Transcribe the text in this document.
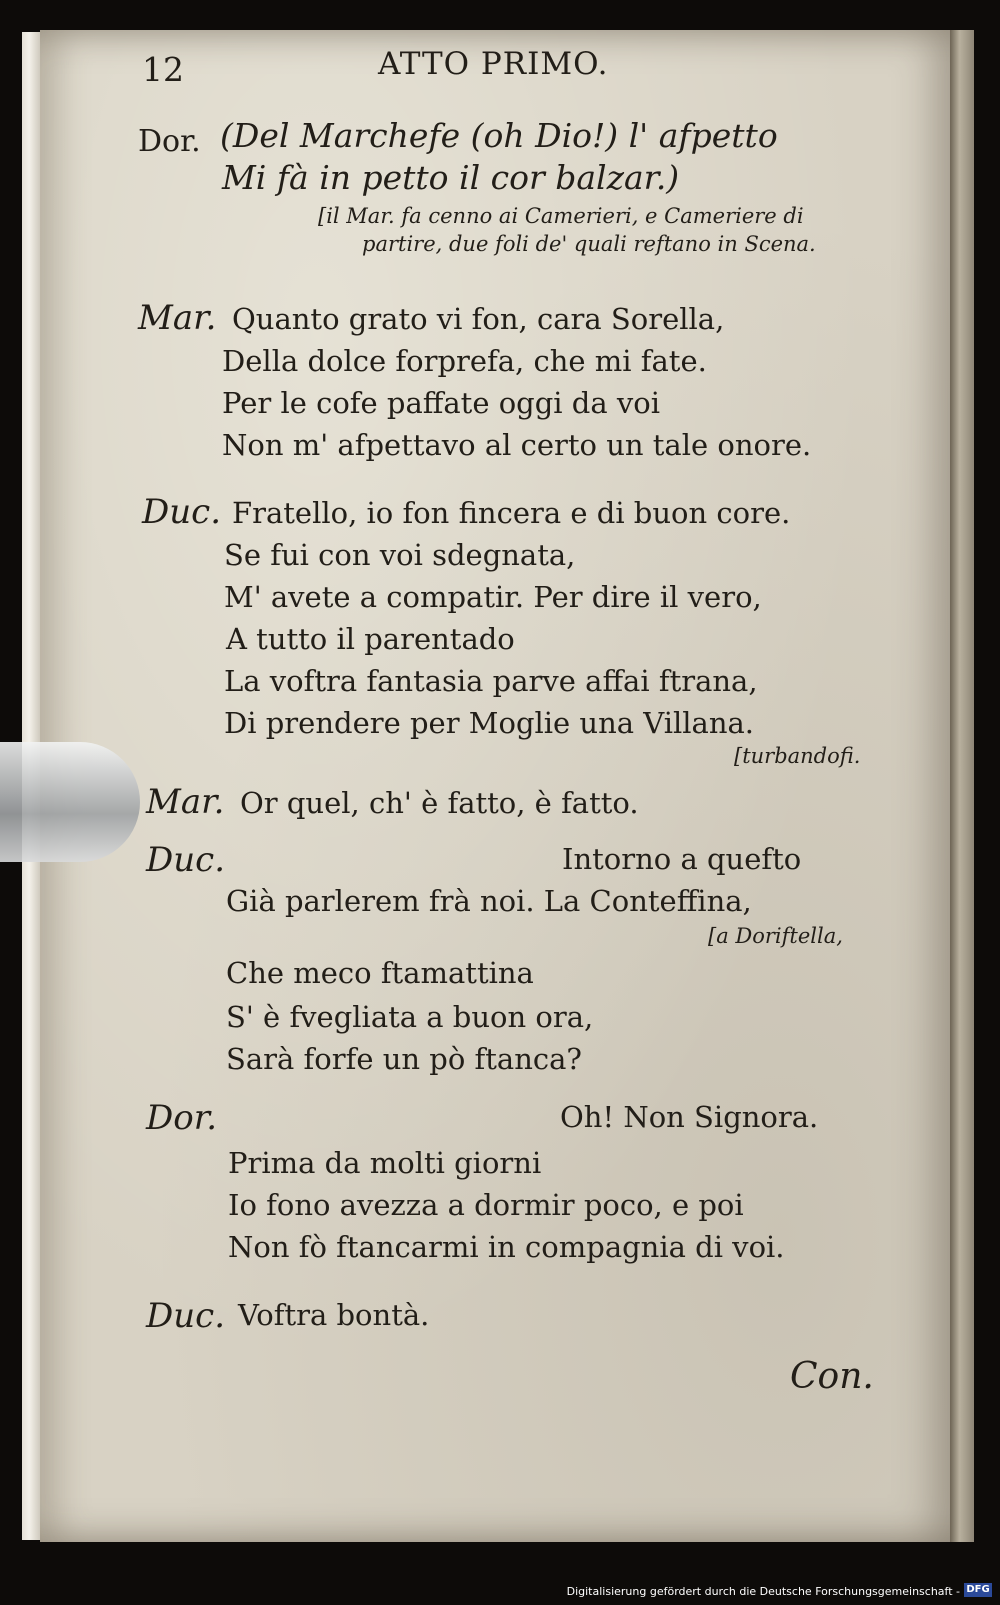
12	ATTO PRIMO.
Dor. (Del Marchefe (oh Dio!) l' afpetto
Mi fà in petto il cor balzar.)
[il Mar. fa cenno ai Camerieri, e Cameriere di
partire, due foli de' quali reftano in Scena.
Mar. Quanto grato vi fon, cara Sorella,
Della dolce forprefa, che mi fate.
Per le cofe paffate oggi da voi
Non m' afpettavo al certo un tale onore.
Duc. Fratello, io fon fincera e di buon core.
Se fui con voi sdegnata,
M' avete a compatir. Per dire il vero,
A tutto il parentado
La voftra fantasia parve affai ftrana,
Di prendere per Moglie una Villana.
[turbandofi.
Mar. Or quel, ch' è fatto, è fatto.
Duc.	Intorno a quefto
Già parlerem frà noi. La Conteffina,
[a Doriftella,
Che meco ftamattina
S' è fvegliata a buon ora,
Sarà forfe un pò ftanca?
Dor.	Oh! Non Signora.
Prima da molti giorni
Io fono avezza a dormir poco, e poi
Non fò ftancarmi in compagnia di voi.
Duc. Voftra bontà.
Con.
Digitalisierung gefördert durch die Deutsche Forschungsgemeinschaft - DFG
